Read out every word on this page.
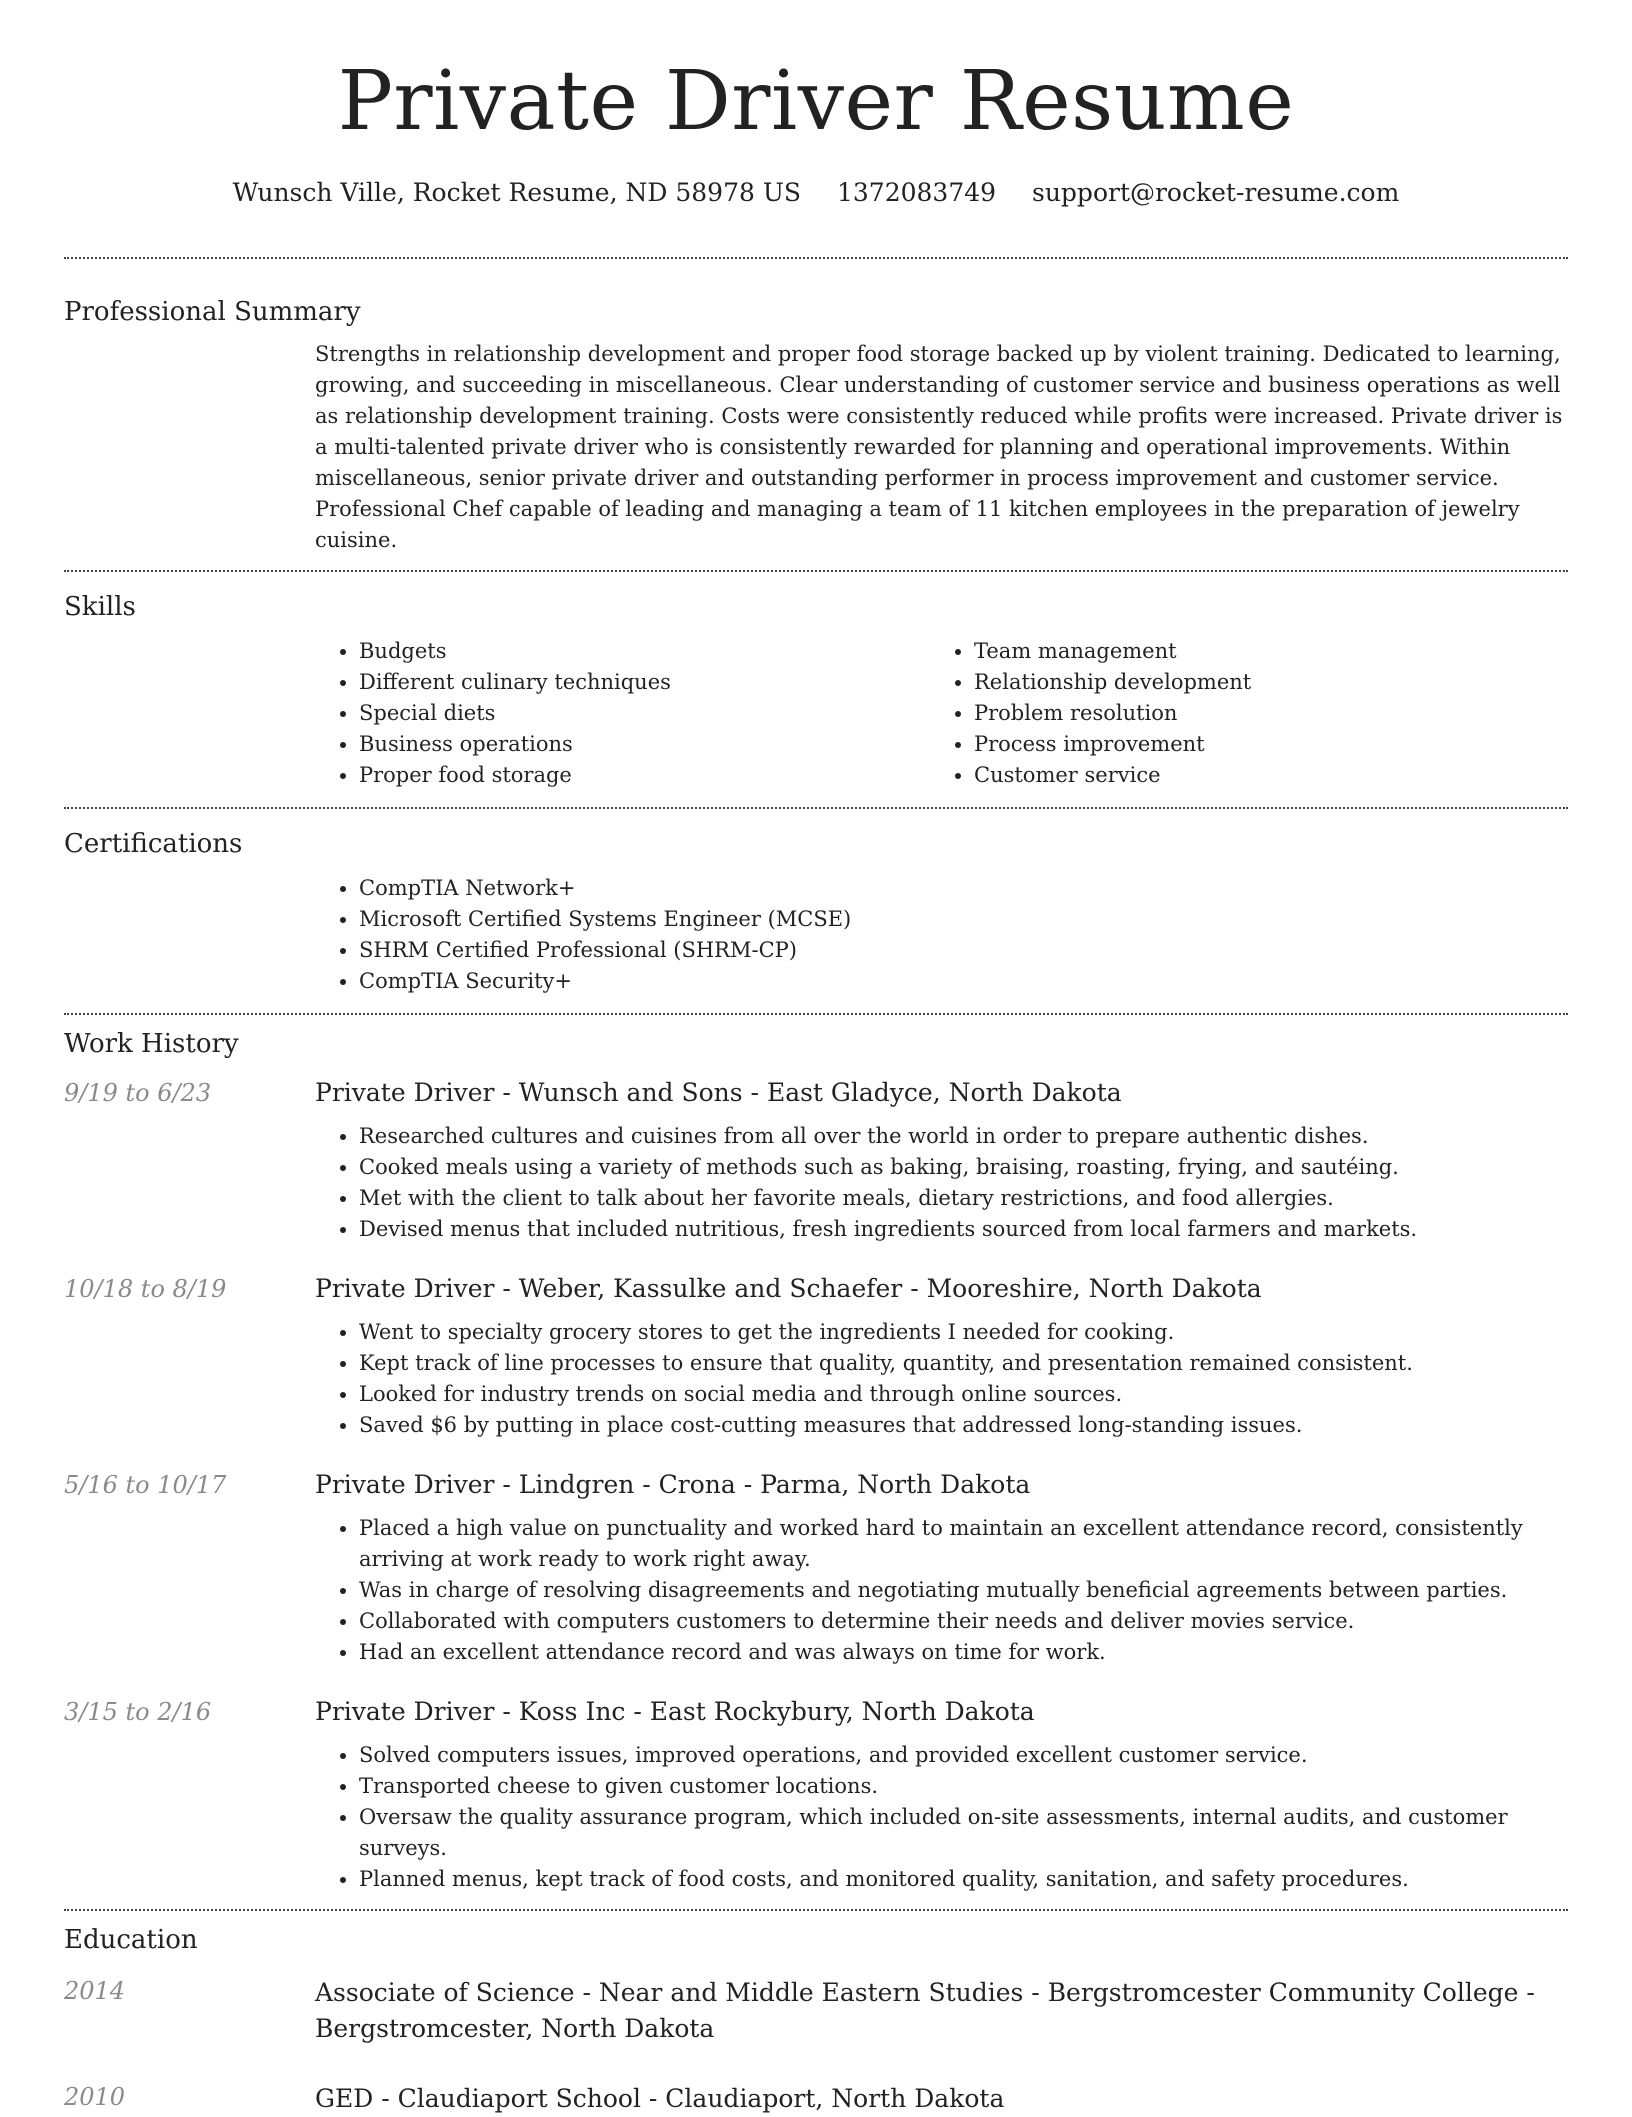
Private Driver Resume
Wunsch Ville, Rocket Resume, ND 58978 US 1372083749 support@rocket-resume.com
Professional Summary
Strengths in relationship development and proper food storage backed up by violent training. Dedicated to learning, growing, and succeeding in miscellaneous. Clear understanding of customer service and business operations as well as relationship development training. Costs were consistently reduced while profits were increased. Private driver is a multi-talented private driver who is consistently rewarded for planning and operational improvements. Within miscellaneous, senior private driver and outstanding performer in process improvement and customer service. Professional Chef capable of leading and managing a team of 11 kitchen employees in the preparation of jewelry cuisine.
Skills
• Budgets
• Different culinary techniques
• Special diets
• Business operations
• Proper food storage
• Team management
• Relationship development
• Problem resolution
• Process improvement
• Customer service
Certifications
• CompTIA Network+
• Microsoft Certified Systems Engineer (MCSE)
• SHRM Certified Professional (SHRM-CP)
• CompTIA Security+
Work History
9/19 to 6/23	Private Driver - Wunsch and Sons - East Gladyce, North Dakota
• Researched cultures and cuisines from all over the world in order to prepare authentic dishes.
• Cooked meals using a variety of methods such as baking, braising, roasting, frying, and sautéing.
• Met with the client to talk about her favorite meals, dietary restrictions, and food allergies.
• Devised menus that included nutritious, fresh ingredients sourced from local farmers and markets.
10/18 to 8/19	Private Driver - Weber, Kassulke and Schaefer - Mooreshire, North Dakota
• Went to specialty grocery stores to get the ingredients I needed for cooking.
• Kept track of line processes to ensure that quality, quantity, and presentation remained consistent.
• Looked for industry trends on social media and through online sources.
• Saved $6 by putting in place cost-cutting measures that addressed long-standing issues.
5/16 to 10/17	Private Driver - Lindgren - Crona - Parma, North Dakota
• Placed a high value on punctuality and worked hard to maintain an excellent attendance record, consistently arriving at work ready to work right away.
• Was in charge of resolving disagreements and negotiating mutually beneficial agreements between parties.
• Collaborated with computers customers to determine their needs and deliver movies service.
• Had an excellent attendance record and was always on time for work.
3/15 to 2/16	Private Driver - Koss Inc - East Rockybury, North Dakota
• Solved computers issues, improved operations, and provided excellent customer service.
• Transported cheese to given customer locations.
• Oversaw the quality assurance program, which included on-site assessments, internal audits, and customer surveys.
• Planned menus, kept track of food costs, and monitored quality, sanitation, and safety procedures.
Education
2014	Associate of Science - Near and Middle Eastern Studies - Bergstromcester Community College - Bergstromcester, North Dakota
2010	GED - Claudiaport School - Claudiaport, North Dakota
